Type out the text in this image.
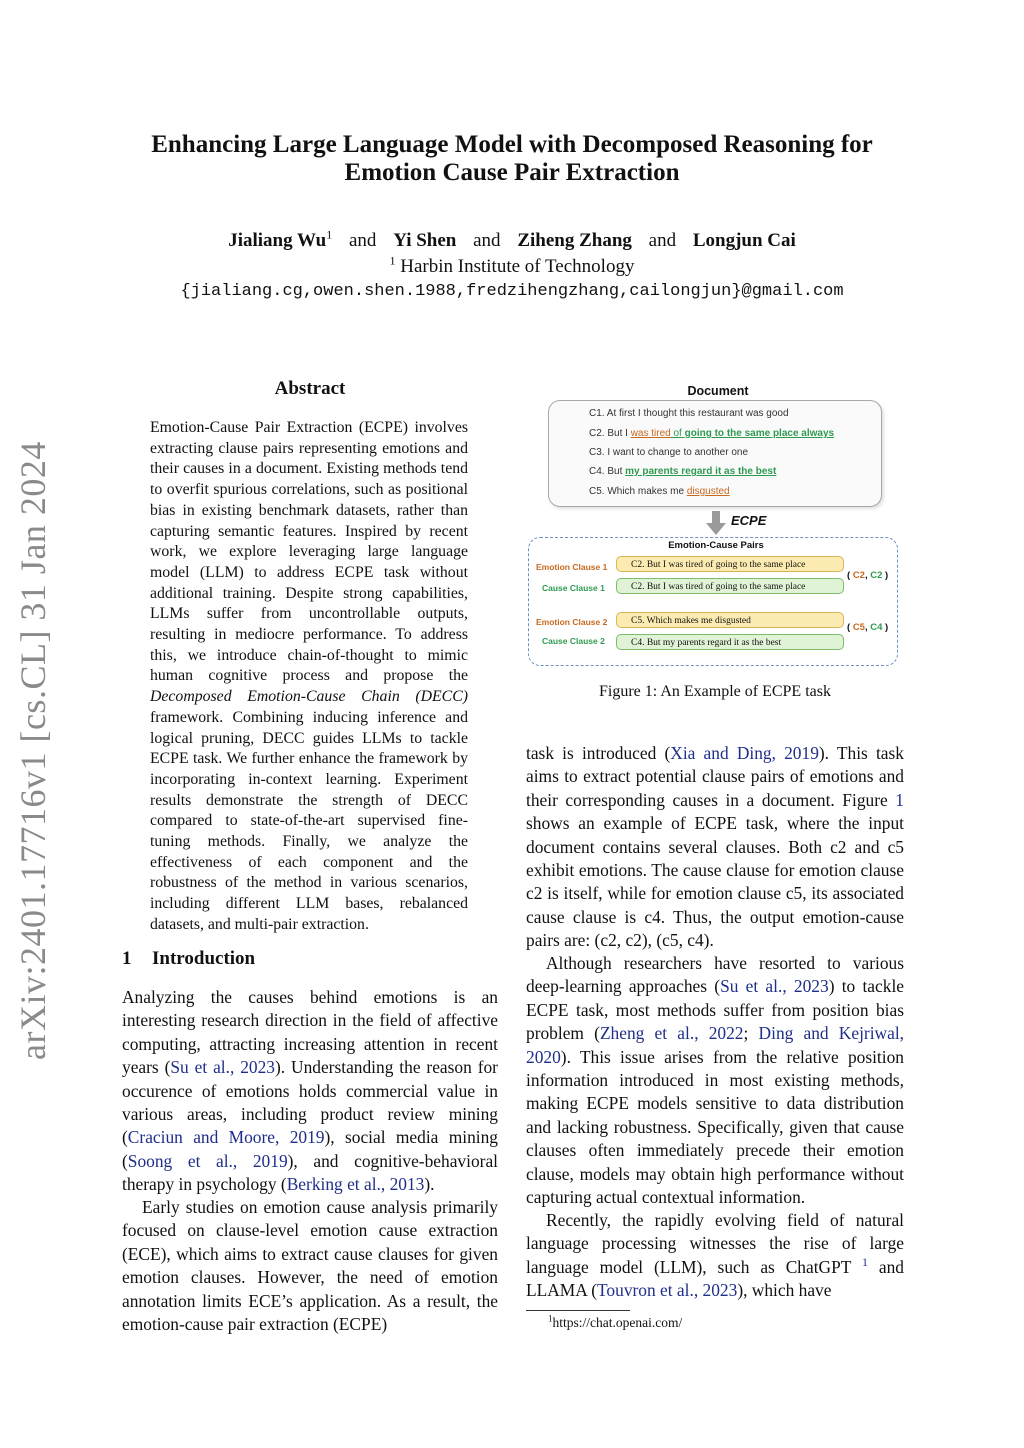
arXiv:2401.17716v1 [cs.CL] 31 Jan 2024
Enhancing Large Language Model with Decomposed Reasoning for
Emotion Cause Pair Extraction
Jialiang Wu$^1$ and Yi Shen and Ziheng Zhang and Longjun Cai
$^1$ Harbin Institute of Technology
{jialiang.cg,owen.shen.1988,fredzihengzhang,cailongjun}@gmail.com
Abstract
Emotion-Cause Pair Extraction (ECPE) involves extracting clause pairs representing emotions and their causes in a document. Existing methods tend to overfit spurious correlations, such as positional bias in existing benchmark datasets, rather than capturing semantic features. Inspired by recent work, we explore leveraging large language model (LLM) to address ECPE task without additional training. Despite strong capabilities, LLMs suffer from uncontrollable outputs, resulting in mediocre performance. To address this, we introduce chain-of-thought to mimic human cognitive process and propose the Decomposed Emotion-Cause Chain (DECC) framework. Combining inducing inference and logical pruning, DECC guides LLMs to tackle ECPE task. We further enhance the framework by incorporating in-context learning. Experiment results demonstrate the strength of DECC compared to state-of-the-art supervised fine-tuning methods. Finally, we analyze the effectiveness of each component and the robustness of the method in various scenarios, including different LLM bases, rebalanced datasets, and multi-pair extraction.
1 Introduction

Analyzing the causes behind emotions is an interesting research direction in the field of affective computing, attracting increasing attention in recent years (Su et al., 2023). Understanding the reason for occurence of emotions holds commercial value in various areas, including product review mining (Craciun and Moore, 2019), social media mining (Soong et al., 2019), and cognitive-behavioral therapy in psychology (Berking et al., 2013).

Early studies on emotion cause analysis primarily focused on clause-level emotion cause extraction (ECE), which aims to extract cause clauses for given emotion clauses. However, the need of emotion annotation limits ECE’s application. As a result, the emotion-cause pair extraction (ECPE)

Document
C1. At first I thought this restaurant was good
C2. But I was tired of going to the same place always
C3. I want to change to another one
C4. But my parents regard it as the best
C5. Which makes me disgusted
ECPE
Emotion-Cause Pairs
Emotion Clause 1	C2. But I was tired of going to the same place
Cause Clause 1	C2. But I was tired of going to the same place
( C2, C2 )
Emotion Clause 2	C5. Which makes me disgusted
Cause Clause 2	C4. But my parents regard it as the best
( C5, C4 )
Figure 1: An Example of ECPE task

task is introduced (Xia and Ding, 2019). This task aims to extract potential clause pairs of emotions and their corresponding causes in a document. Figure 1 shows an example of ECPE task, where the input document contains several clauses. Both c2 and c5 exhibit emotions. The cause clause for emotion clause c2 is itself, while for emotion clause c5, its associated cause clause is c4. Thus, the output emotion-cause pairs are: (c2, c2), (c5, c4).

Although researchers have resorted to various deep-learning approaches (Su et al., 2023) to tackle ECPE task, most methods suffer from position bias problem (Zheng et al., 2022; Ding and Kejriwal, 2020). This issue arises from the relative position information introduced in most existing methods, making ECPE models sensitive to data distribution and lacking robustness. Specifically, given that cause clauses often immediately precede their emotion clause, models may obtain high performance without capturing actual contextual information.

Recently, the rapidly evolving field of natural language processing witnesses the rise of large language model (LLM), such as ChatGPT $^1$ and LLAMA (Touvron et al., 2023), which have

$^1$https://chat.openai.com/
